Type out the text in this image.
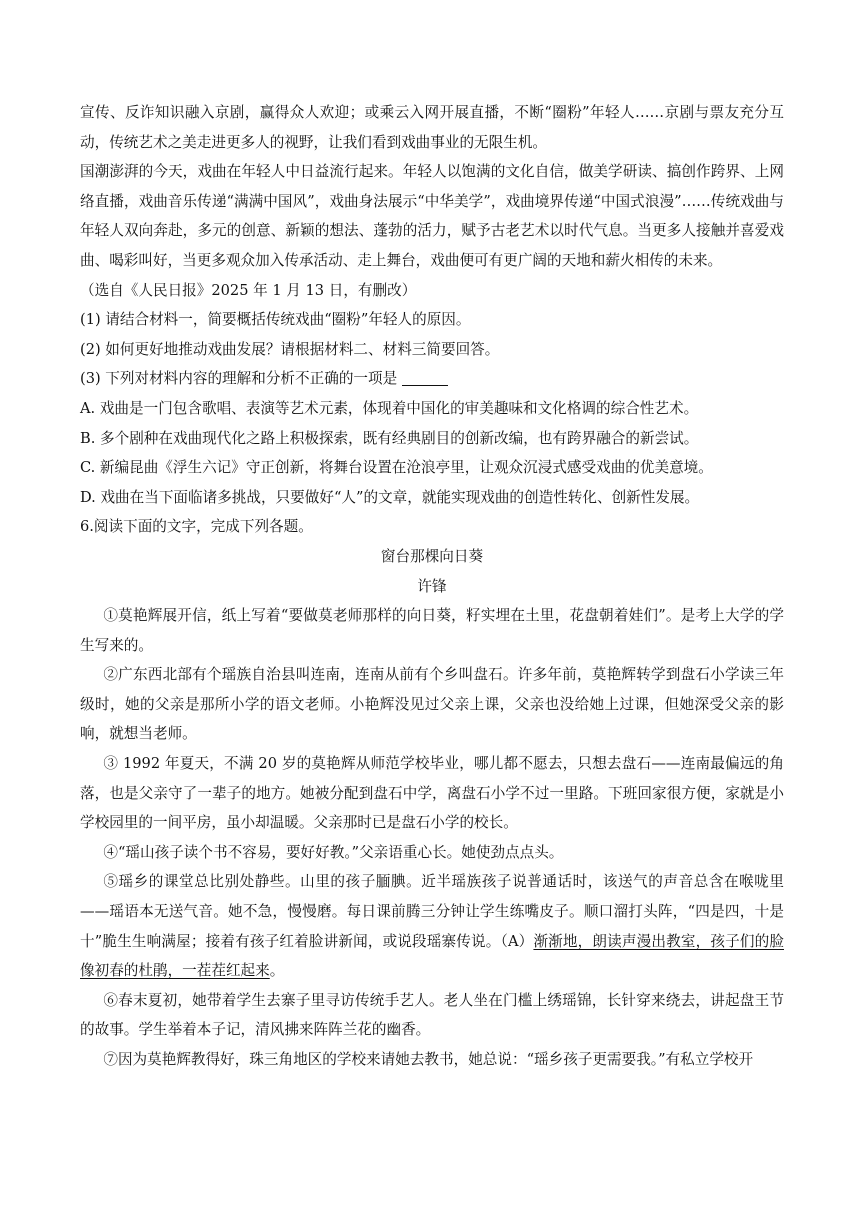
宣传、反诈知识融入京剧，赢得众人欢迎；或乘云入网开展直播，不断“圈粉”年轻人……京剧与票友充分互动，传统艺术之美走进更多人的视野，让我们看到戏曲事业的无限生机。

国潮澎湃的今天，戏曲在年轻人中日益流行起来。年轻人以饱满的文化自信，做美学研读、搞创作跨界、上网络直播，戏曲音乐传递“满满中国风”，戏曲身法展示“中华美学”，戏曲境界传递“中国式浪漫”……传统戏曲与年轻人双向奔赴，多元的创意、新颖的想法、蓬勃的活力，赋予古老艺术以时代气息。当更多人接触并喜爱戏曲、喝彩叫好，当更多观众加入传承活动、走上舞台，戏曲便可有更广阔的天地和薪火相传的未来。

（选自《人民日报》2025 年 1 月 13 日，有删改）

(1) 请结合材料一，简要概括传统戏曲“圈粉”年轻人的原因。

(2) 如何更好地推动戏曲发展？请根据材料二、材料三简要回答。

(3) 下列对材料内容的理解和分析不正确的一项是

A. 戏曲是一门包含歌唱、表演等艺术元素，体现着中国化的审美趣味和文化格调的综合性艺术。

B. 多个剧种在戏曲现代化之路上积极探索，既有经典剧目的创新改编，也有跨界融合的新尝试。

C. 新编昆曲《浮生六记》守正创新，将舞台设置在沧浪亭里，让观众沉浸式感受戏曲的优美意境。

D. 戏曲在当下面临诸多挑战，只要做好“人”的文章，就能实现戏曲的创造性转化、创新性发展。

6.阅读下面的文字，完成下列各题。

窗台那棵向日葵

许锋

①莫艳辉展开信，纸上写着“要做莫老师那样的向日葵，籽实埋在土里，花盘朝着娃们”。是考上大学的学生写来的。

②广东西北部有个瑶族自治县叫连南，连南从前有个乡叫盘石。许多年前，莫艳辉转学到盘石小学读三年级时，她的父亲是那所小学的语文老师。小艳辉没见过父亲上课，父亲也没给她上过课，但她深受父亲的影响，就想当老师。

③ 1992 年夏天，不满 20 岁的莫艳辉从师范学校毕业，哪儿都不愿去，只想去盘石——连南最偏远的角落，也是父亲守了一辈子的地方。她被分配到盘石中学，离盘石小学不过一里路。下班回家很方便，家就是小学校园里的一间平房，虽小却温暖。父亲那时已是盘石小学的校长。

④“瑶山孩子读个书不容易，要好好教。”父亲语重心长。她使劲点点头。

⑤瑶乡的课堂总比别处静些。山里的孩子腼腆。近半瑶族孩子说普通话时，该送气的声音总含在喉咙里——瑶语本无送气音。她不急，慢慢磨。每日课前腾三分钟让学生练嘴皮子。顺口溜打头阵，“四是四，十是十”脆生生响满屋；接着有孩子红着脸讲新闻，或说段瑶寨传说。（A）渐渐地，朗读声漫出教室，孩子们的脸像初春的杜鹃，一茬茬红起来。

⑥春末夏初，她带着学生去寨子里寻访传统手艺人。老人坐在门槛上绣瑶锦，长针穿来绕去，讲起盘王节的故事。学生举着本子记，清风拂来阵阵兰花的幽香。

⑦因为莫艳辉教得好，珠三角地区的学校来请她去教书，她总说：“瑶乡孩子更需要我。”有私立学校开
